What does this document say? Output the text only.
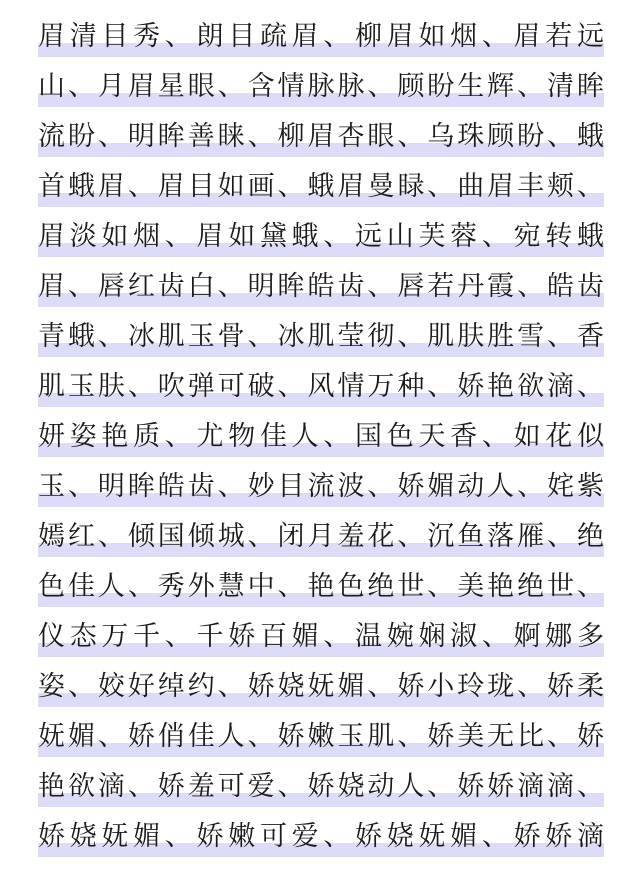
眉清目秀、朗目疏眉、柳眉如烟、眉若远
山、月眉星眼、含情脉脉、顾盼生辉、清眸
流盼、明眸善睐、柳眉杏眼、乌珠顾盼、蛾
首蛾眉、眉目如画、蛾眉曼睩、曲眉丰颊、
眉淡如烟、眉如黛蛾、远山芙蓉、宛转蛾
眉、唇红齿白、明眸皓齿、唇若丹霞、皓齿
青蛾、冰肌玉骨、冰肌莹彻、肌肤胜雪、香
肌玉肤、吹弹可破、风情万种、娇艳欲滴、
妍姿艳质、尤物佳人、国色天香、如花似
玉、明眸皓齿、妙目流波、娇媚动人、姹紫
嫣红、倾国倾城、闭月羞花、沉鱼落雁、绝
色佳人、秀外慧中、艳色绝世、美艳绝世、
仪态万千、千娇百媚、温婉娴淑、婀娜多
姿、姣好绰约、娇娆妩媚、娇小玲珑、娇柔
妩媚、娇俏佳人、娇嫩玉肌、娇美无比、娇
艳欲滴、娇羞可爱、娇娆动人、娇娇滴滴、
娇娆妩媚、娇嫩可爱、娇娆妩媚、娇娇滴
